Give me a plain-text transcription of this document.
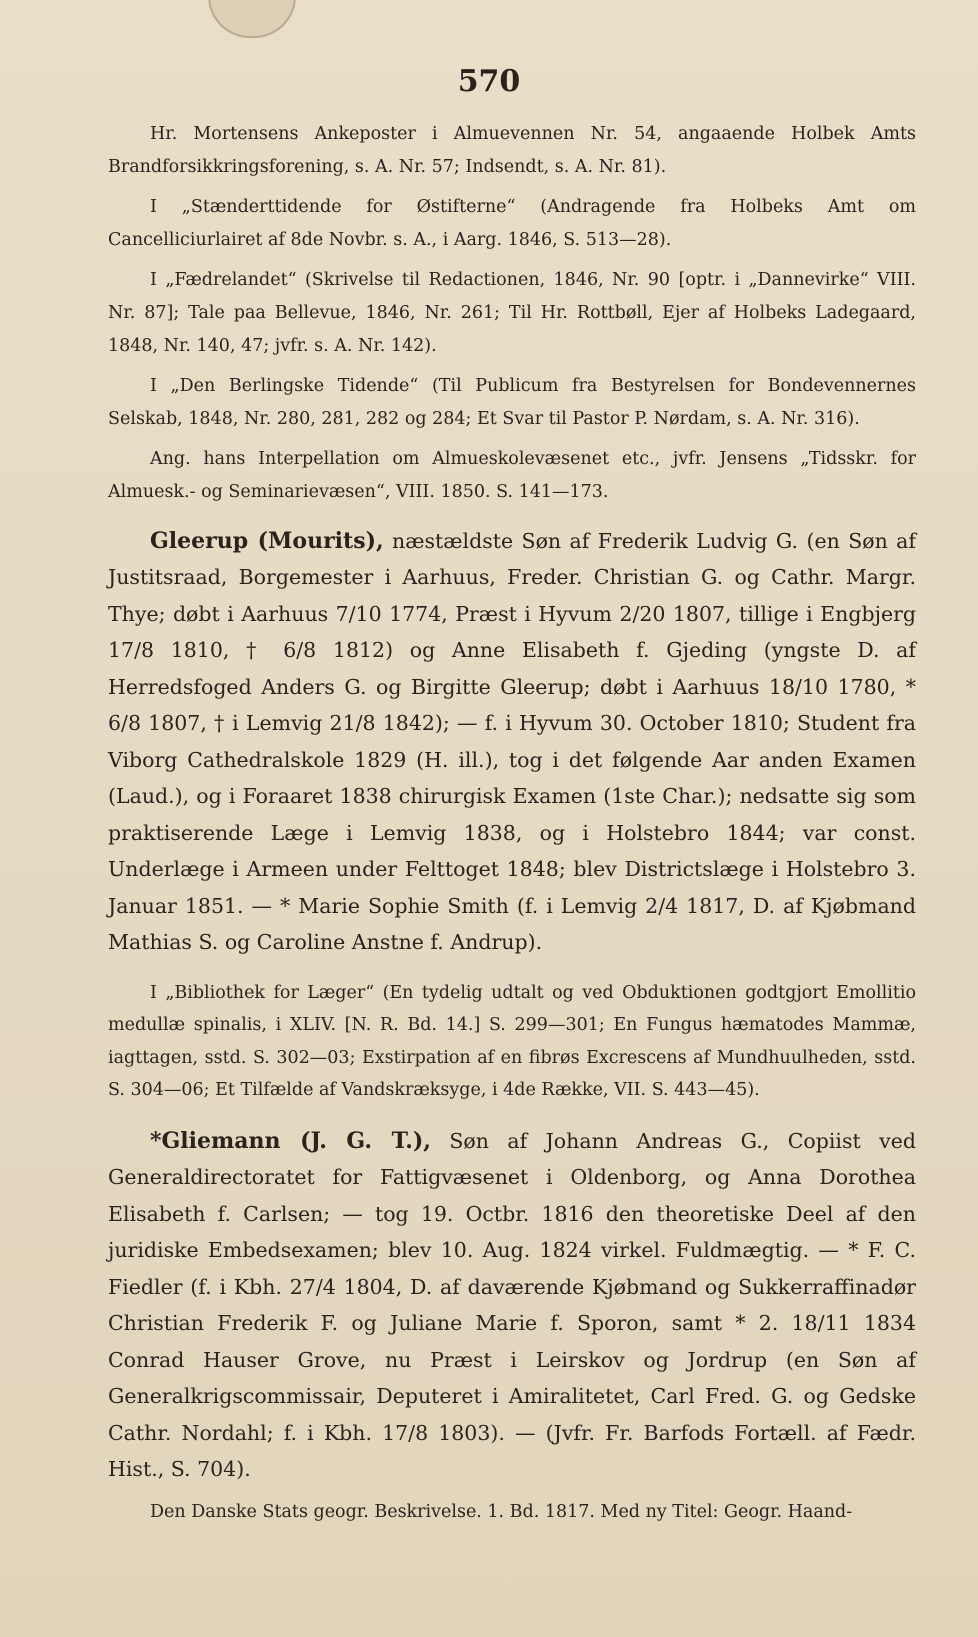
570

Hr. Mortensens Ankeposter i Almuevennen Nr. 54, angaaende Holbek Amts Brandforsikkringsforening, s. A. Nr. 57; Indsendt, s. A. Nr. 81).

I „Stænderttidende for Østifterne“ (Andragende fra Holbeks Amt om Cancelliciurlairet af 8de Novbr. s. A., i Aarg. 1846, S. 513—28).

I „Fædrelandet“ (Skrivelse til Redactionen, 1846, Nr. 90 [optr. i „Dannevirke“ VIII. Nr. 87]; Tale paa Bellevue, 1846, Nr. 261; Til Hr. Rottbøll, Ejer af Holbeks Ladegaard, 1848, Nr. 140, 47; jvfr. s. A. Nr. 142).

I „Den Berlingske Tidende“ (Til Publicum fra Bestyrelsen for Bondevennernes Selskab, 1848, Nr. 280, 281, 282 og 284; Et Svar til Pastor P. Nørdam, s. A. Nr. 316).

Ang. hans Interpellation om Almueskolevæsenet etc., jvfr. Jensens „Tidsskr. for Almuesk.- og Seminarievæsen“, VIII. 1850. S. 141—173.

Gleerup (Mourits), næstældste Søn af Frederik Ludvig G. (en Søn af Justitsraad, Borgemester i Aarhuus, Freder. Christian G. og Cathr. Margr. Thye; døbt i Aarhuus 7/10 1774, Præst i Hyvum 2/20 1807, tillige i Engbjerg 17/8 1810, † 6/8 1812) og Anne Elisabeth f. Gjeding (yngste D. af Herredsfoged Anders G. og Birgitte Gleerup; døbt i Aarhuus 18/10 1780, * 6/8 1807, † i Lemvig 21/8 1842); — f. i Hyvum 30. October 1810; Student fra Viborg Cathedralskole 1829 (H. ill.), tog i det følgende Aar anden Examen (Laud.), og i Foraaret 1838 chirurgisk Examen (1ste Char.); nedsatte sig som praktiserende Læge i Lemvig 1838, og i Holstebro 1844; var const. Underlæge i Armeen under Felttoget 1848; blev Districtslæge i Holstebro 3. Januar 1851. — * Marie Sophie Smith (f. i Lemvig 2/4 1817, D. af Kjøbmand Mathias S. og Caroline Anstne f. Andrup).

I „Bibliothek for Læger“ (En tydelig udtalt og ved Obduktionen godtgjort Emollitio medullæ spinalis, i XLIV. [N. R. Bd. 14.] S. 299—301; En Fungus hæmatodes Mammæ, iagttagen, sstd. S. 302—03; Exstirpation af en fibrøs Excrescens af Mundhuulheden, sstd. S. 304—06; Et Tilfælde af Vandskræksyge, i 4de Række, VII. S. 443—45).

*Gliemann (J. G. T.), Søn af Johann Andreas G., Copiist ved Generaldirectoratet for Fattigvæsenet i Oldenborg, og Anna Dorothea Elisabeth f. Carlsen; — tog 19. Octbr. 1816 den theoretiske Deel af den juridiske Embedsexamen; blev 10. Aug. 1824 virkel. Fuldmægtig. — * F. C. Fiedler (f. i Kbh. 27/4 1804, D. af daværende Kjøbmand og Sukkerraffinadør Christian Frederik F. og Juliane Marie f. Sporon, samt * 2. 18/11 1834 Conrad Hauser Grove, nu Præst i Leirskov og Jordrup (en Søn af Generalkrigscommissair, Deputeret i Amiralitetet, Carl Fred. G. og Gedske Cathr. Nordahl; f. i Kbh. 17/8 1803). — (Jvfr. Fr. Barfods Fortæll. af Fædr. Hist., S. 704).

Den Danske Stats geogr. Beskrivelse. 1. Bd. 1817. Med ny Titel: Geogr. Haand-
